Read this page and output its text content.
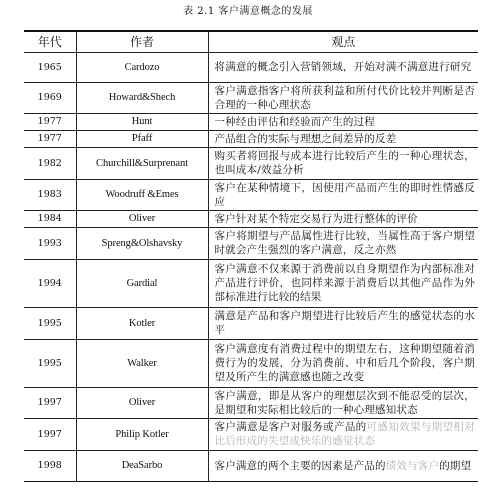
表 2.1 客户满意概念的发展
年代	作者	观点
1965	Cardozo	将满意的概念引入营销领域，开始对满不满意进行研究
1969	Howard&Shech	客户满意指客户将所获利益和所付代价比较并判断是否合理的一种心理状态
1977	Hunt	一种经由评估和经验而产生的过程
1977	Pfaff	产品组合的实际与理想之间差异的反差
1982	Churchill&Surprenant	购买者将回报与成本进行比较后产生的一种心理状态，也叫成本/效益分析
1983	Woodruff &Emes	客户在某种情境下，因使用产品而产生的即时性情感反应
1984	Oliver	客户针对某个特定交易行为进行整体的评价
1993	Spreng&Olshavsky	客户将期望与产品属性进行比较，当属性高于客户期望时就会产生强烈的客户满意，反之亦然
1994	Gardial	客户满意不仅来源于消费前以自身期望作为内部标准对产品进行评价，也同样来源于消费后以其他产品作为外部标准进行比较的结果
1995	Kotler	满意是产品和客户期望进行比较后产生的感觉状态的水平
1995	Walker	客户满意度有消费过程中的期望左右，这种期望随着消费行为的发展，分为消费前、中和后几个阶段，客户期望及所产生的满意感也随之改变
1997	Oliver	客户满意，即是从客户的理想层次到不能忍受的层次，是期望和实际相比较后的一种心理感知状态
1997	Philip Kotler	客户满意是客户对服务或产品的可感知效果与期望相对比后形成的失望或快乐的感觉状态
1998	DeaSarbo	客户满意的两个主要的因素是产品的绩效与客户的期望
